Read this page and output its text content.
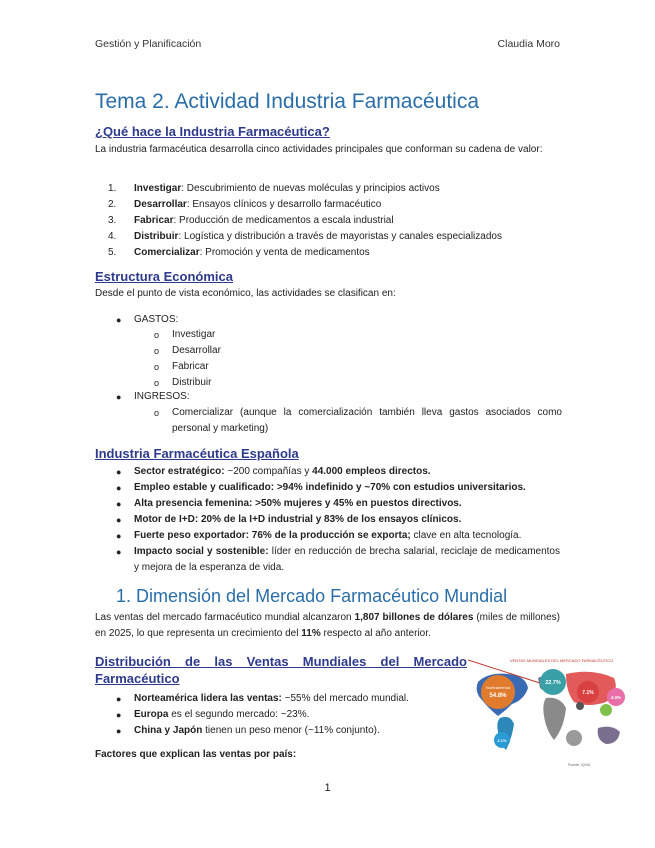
Gestión y Planificación	Claudia Moro
Tema 2. Actividad Industria Farmacéutica
¿Qué hace la Industria Farmacéutica?
La industria farmacéutica desarrolla cinco actividades principales que conforman su cadena de valor:
1. Investigar: Descubrimiento de nuevas moléculas y principios activos
2. Desarrollar: Ensayos clínicos y desarrollo farmacéutico
3. Fabricar: Producción de medicamentos a escala industrial
4. Distribuir: Logística y distribución a través de mayoristas y canales especializados
5. Comercializar: Promoción y venta de medicamentos
Estructura Económica
Desde el punto de vista económico, las actividades se clasifican en:
● GASTOS:
o Investigar
o Desarrollar
o Fabricar
o Distribuir
● INGRESOS:
o Comercializar (aunque la comercialización también lleva gastos asociados como personal y marketing)
Industria Farmacéutica Española
● Sector estratégico: ~200 compañías y 44.000 empleos directos.
● Empleo estable y cualificado: >94% indefinido y ~70% con estudios universitarios.
● Alta presencia femenina: >50% mujeres y 45% en puestos directivos.
● Motor de I+D: 20% de la I+D industrial y 83% de los ensayos clínicos.
● Fuerte peso exportador: 76% de la producción se exporta; clave en alta tecnología.
● Impacto social y sostenible: líder en reducción de brecha salarial, reciclaje de medicamentos y mejora de la esperanza de vida.
1. Dimensión del Mercado Farmacéutico Mundial
Las ventas del mercado farmacéutico mundial alcanzaron 1,807 billones de dólares (miles de millones) en 2025, lo que representa un crecimiento del 11% respecto al año anterior.
Distribución de las Ventas Mundiales del Mercado
Farmacéutico
● Norteamérica lidera las ventas: ~55% del mercado mundial.
● Europa es el segundo mercado: ~23%.
● China y Japón tienen un peso menor (~11% conjunto).
Factores que explican las ventas por país:
VENTAS MUNDIALES DEL MERCADO FARMACÉUTICO
Norteamérica
54.8%
22.7%
7.1%
4.0%
2.1%
Fuente: IQVIA
1
